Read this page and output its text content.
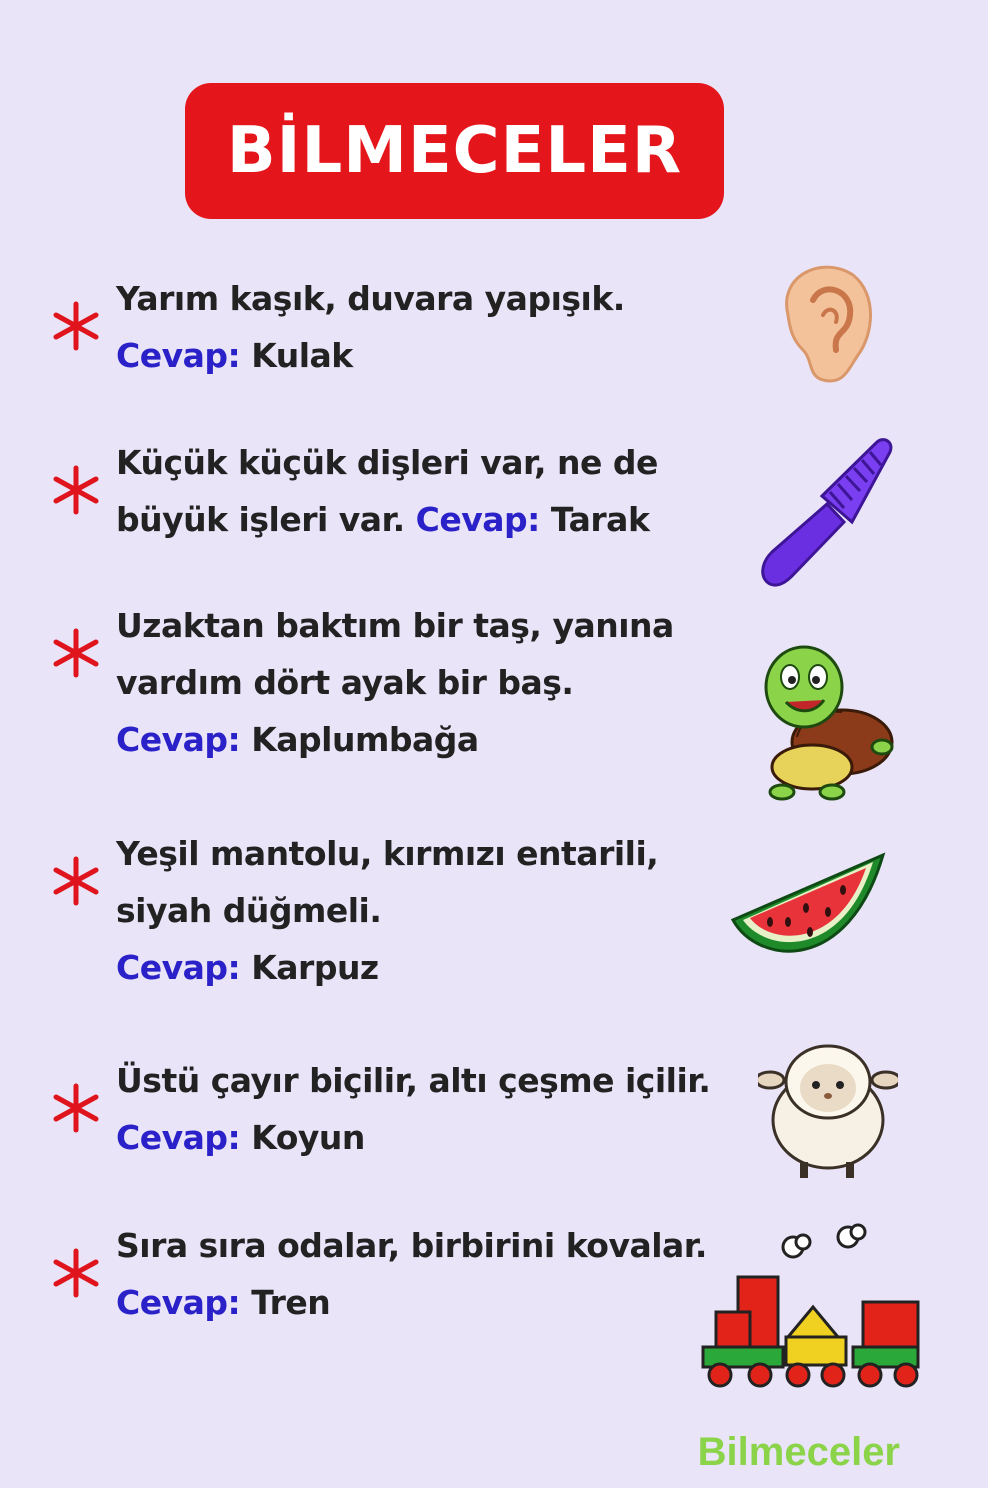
BİLMECELER
Yarım kaşık, duvara yapışık.
Cevap: Kulak
Küçük küçük dişleri var, ne de
büyük işleri var. Cevap: Tarak
Uzaktan baktım bir taş, yanına
vardım dört ayak bir baş.
Cevap: Kaplumbağa
Yeşil mantolu, kırmızı entarili,
siyah düğmeli.
Cevap: Karpuz
Üstü çayır biçilir, altı çeşme içilir.
Cevap: Koyun
Sıra sıra odalar, birbirini kovalar.
Cevap: Tren
Bilmeceler
